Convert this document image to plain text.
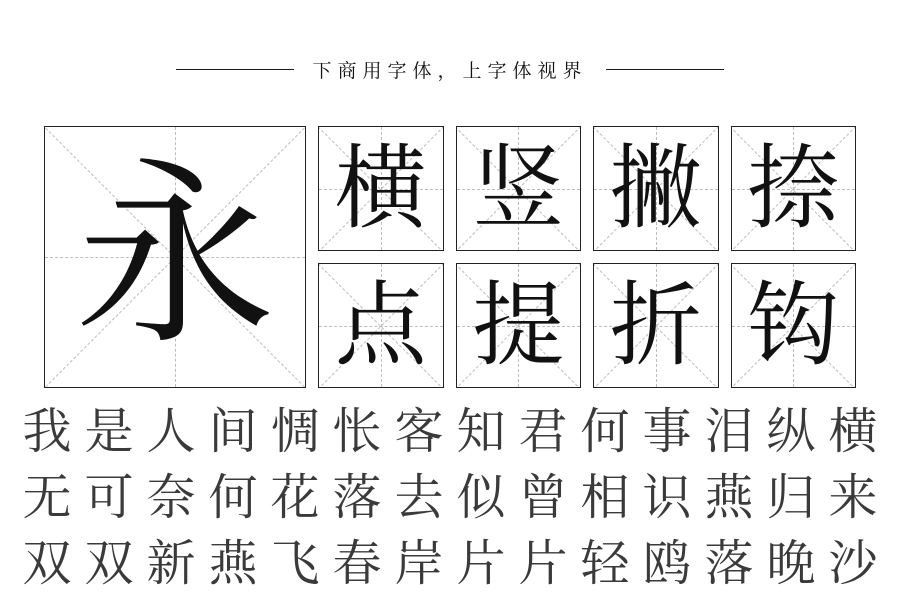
下商用字体，上字体视界
永 横 竖 撇 捺
点 提 折 钩
我 是 人 间 惆 怅 客 知 君 何 事 泪 纵 横
无 可 奈 何 花 落 去 似 曾 相 识 燕 归 来
双 双 新 燕 飞 春 岸 片 片 轻 鸥 落 晚 沙
